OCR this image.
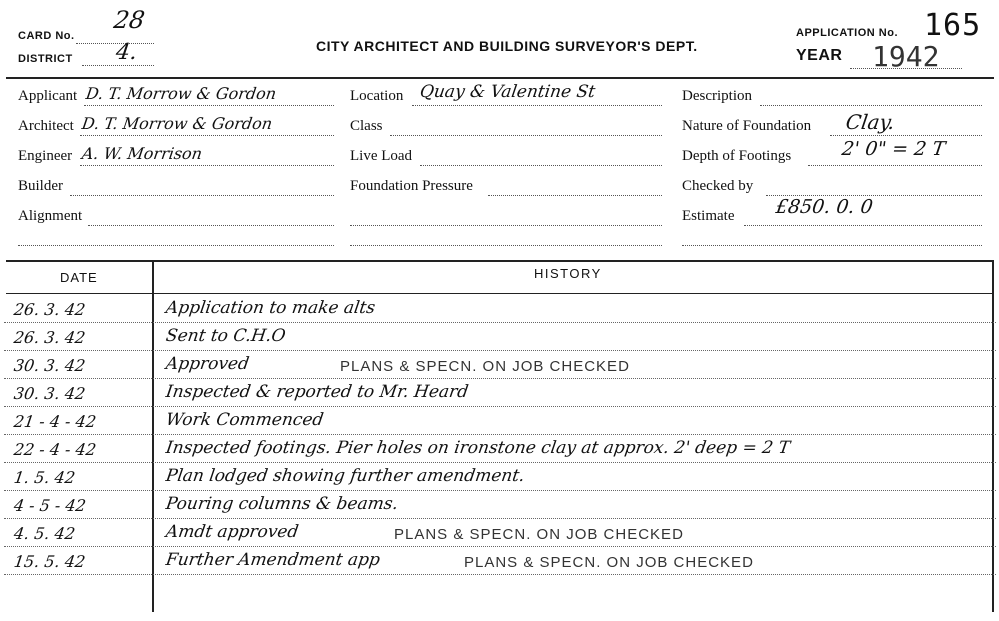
CARD No.
28
DISTRICT 4.	CITY ARCHITECT AND BUILDING SURVEYOR'S DEPT.
APPLICATION No. 165
YEAR 1942
Applicant D. T. Morrow & Gordon
Architect D. T. Morrow & Gordon
Engineer A. W. Morrison
Builder
Alignment
Location Quay & Valentine St
Class
Live Load
Foundation Pressure
Description
Nature of Foundation Clay.
Depth of Footings	2' 0" = 2 T
Checked by
Estimate £850. 0. 0
DATE	HISTORY
26. 3. 42	Application to make alts
26. 3. 42	Sent to C.H.O
30. 3. 42	Approved	PLANS & SPECN. ON JOB CHECKED
30. 3. 42	Inspected & reported to Mr. Heard
21 - 4 - 42	Work Commenced
22 - 4 - 42	Inspected footings. Pier holes on ironstone clay at approx. 2' deep = 2 T
1. 5. 42	Plan lodged showing further amendment.
4 - 5 - 42	Pouring columns & beams.
4. 5. 42	Amdt approved	PLANS & SPECN. ON JOB CHECKED
15. 5. 42	Further Amendment app	PLANS & SPECN. ON JOB CHECKED
